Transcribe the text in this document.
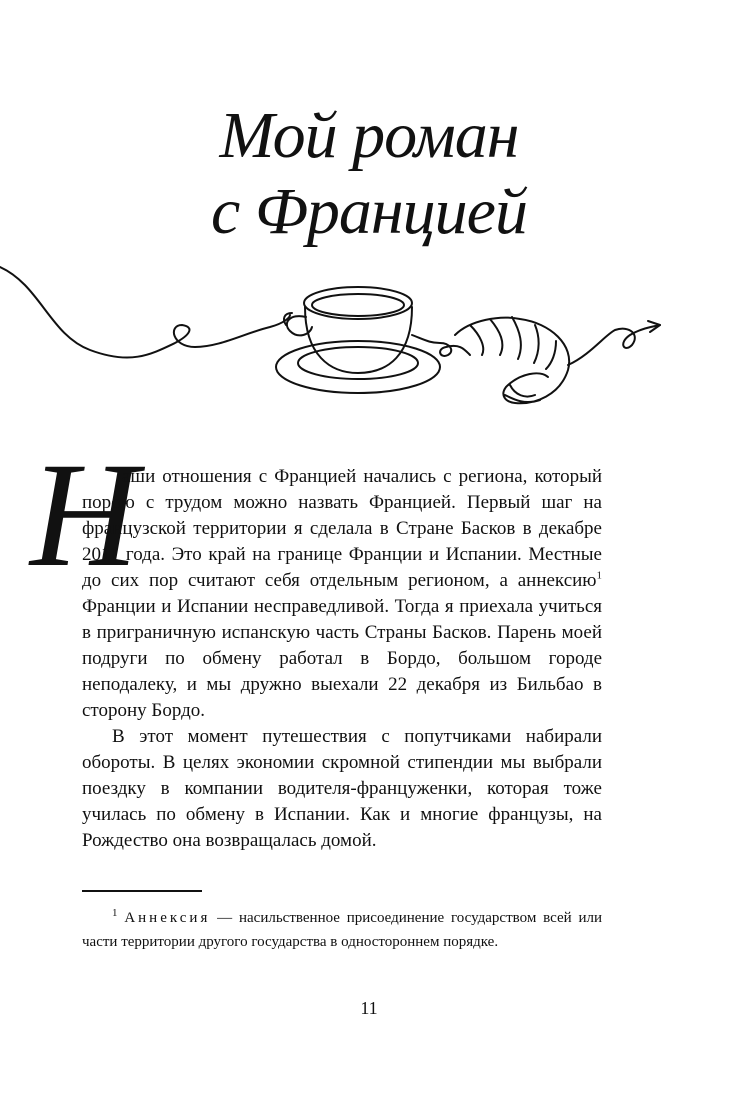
Мой роман
с Францией
Н

аши отношения с Францией начались с региона, который порою с трудом можно назвать Францией. Первый шаг на французской территории я сделала в Стране Басков в декабре 2011 года. Это край на границе Франции и Испании. Местные до сих пор считают себя отдельным регионом, а аннексию$^1$ Франции и Испании несправедливой. Тогда я приехала учиться в приграничную испанскую часть Страны Басков. Парень моей подруги по обмену работал в Бордо, большом городе неподалеку, и мы дружно выехали 22 декабря из Бильбао в сторону Бордо.

В этот момент путешествия с попутчиками набирали обороты. В целях экономии скромной стипендии мы выбрали поездку в компании водителя-француженки, которая тоже училась по обмену в Испании. Как и многие французы, на Рождество она возвращалась домой.

$^1$ Аннексия — насильственное присоединение государством всей или части территории другого государства в одностороннем порядке.

11
